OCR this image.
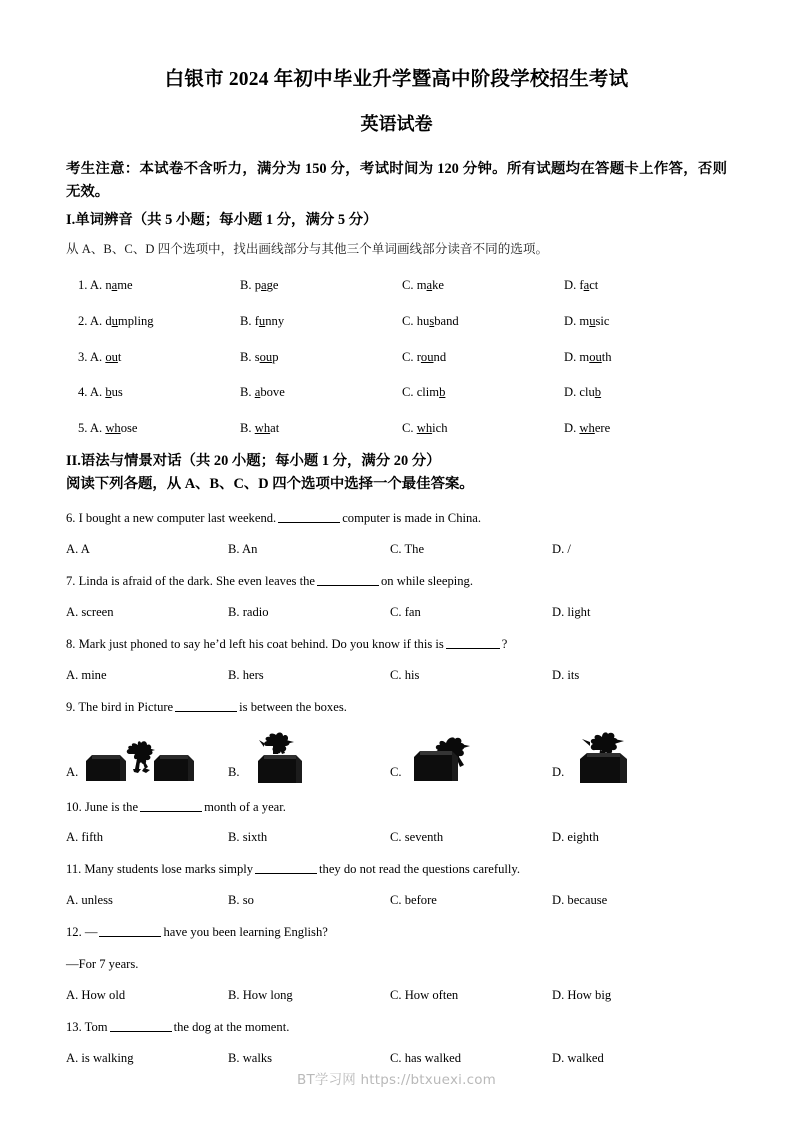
白银市 2024 年初中毕业升学暨高中阶段学校招生考试
英语试卷

考生注意：本试卷不含听力，满分为 150 分，考试时间为 120 分钟。所有试题均在答题卡上作答，否则无效。

I.单词辨音（共 5 小题；每小题 1 分，满分 5 分）

从 A、B、C、D 四个选项中，找出画线部分与其他三个单词画线部分读音不同的选项。

1. A. name	B. page	C. make	D. fact
2. A. dumpling	B. funny	C. husband	D. music
3. A. out	B. soup	C. round	D. mouth
4. A. bus	B. above	C. climb	D. club
5. A. whose	B. what	C. which	D. where

II.语法与情景对话（共 20 小题；每小题 1 分，满分 20 分）

阅读下列各题，从 A、B、C、D 四个选项中选择一个最佳答案。

6. I bought a new computer last weekend.	computer is made in China.

A. A	B. An	C. The	D. /

7. Linda is afraid of the dark. She even leaves the	on while sleeping.

A. screen	B. radio	C. fan	D. light

8. Mark just phoned to say he’d left his coat behind. Do you know if this is	?

A. mine	B. hers	C. his	D. its

9. The bird in Picture	is between the boxes.

A.	B.	C.	D.

10. June is the	month of a year.

A. fifth	B. sixth	C. seventh	D. eighth

11. Many students lose marks simply	they do not read the questions carefully.

A. unless	B. so	C. before	D. because

12. —	have you been learning English?

—For 7 years.

A. How old	B. How long	C. How often	D. How big

13. Tom	the dog at the moment.

A. is walking	B. walks	C. has walked	D. walked
BT学习网 https://btxuexi.com
